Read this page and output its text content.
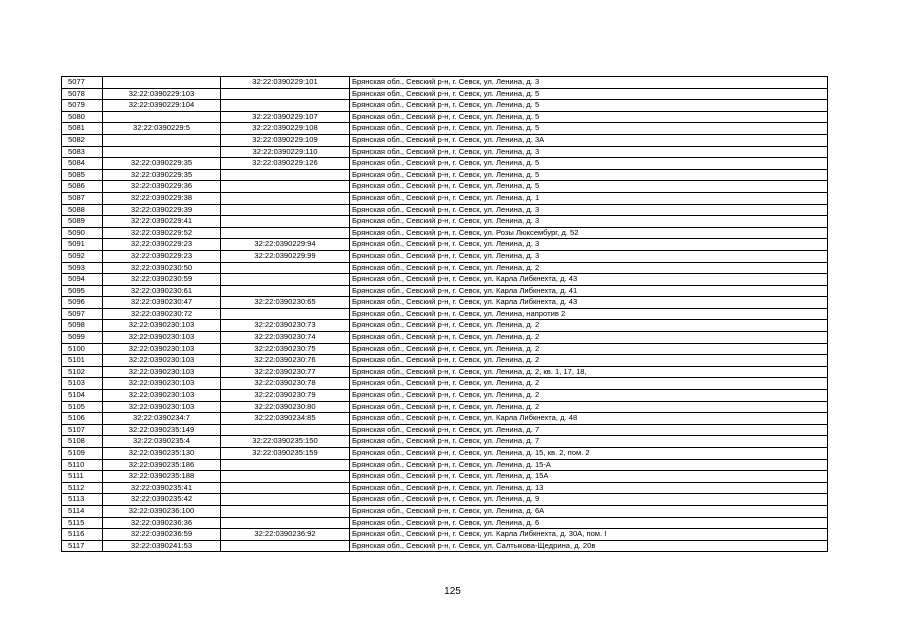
5077		32:22:0390229:101	Брянская обл., Севский р-н, г. Севск, ул. Ленина, д. 3
5078	32:22:0390229:103		Брянская обл., Севский р-н, г. Севск, ул. Ленина, д. 5
5079	32:22:0390229:104		Брянская обл., Севский р-н, г. Севск, ул. Ленина, д. 5
5080		32:22:0390229:107	Брянская обл., Севский р-н, г. Севск, ул. Ленина, д. 5
5081	32:22:0390229:5	32:22:0390229:108	Брянская обл., Севский р-н, г. Севск, ул. Ленина, д. 5
5082		32:22:0390229:109	Брянская обл., Севский р-н, г. Севск, ул. Ленина, д. 3А
5083		32:22:0390229:110	Брянская обл., Севский р-н, г. Севск, ул. Ленина, д. 3
5084	32:22:0390229:35	32:22:0390229:126	Брянская обл., Севский р-н, г. Севск, ул. Ленина, д. 5
5085	32:22:0390229:35		Брянская обл., Севский р-н, г. Севск, ул. Ленина, д. 5
5086	32:22:0390229:36		Брянская обл., Севский р-н, г. Севск, ул. Ленина, д. 5
5087	32:22:0390229:38		Брянская обл., Севский р-н, г. Севск, ул. Ленина, д. 1
5088	32:22:0390229:39		Брянская обл., Севский р-н, г. Севск, ул. Ленина, д. 3
5089	32:22:0390229:41		Брянская обл., Севский р-н, г. Севск, ул. Ленина, д. 3
5090	32:22:0390229:52		Брянская обл., Севский р-н, г. Севск, ул. Розы Люксембург, д. 52
5091	32:22:0390229:23	32:22:0390229:94	Брянская обл., Севский р-н, г. Севск, ул. Ленина, д. 3
5092	32:22:0390229:23	32:22:0390229:99	Брянская обл., Севский р-н, г. Севск, ул. Ленина, д. 3
5093	32:22:0390230:50		Брянская обл., Севский р-н, г. Севск, ул. Ленина, д. 2
5094	32:22:0390230:59		Брянская обл., Севский р-н, г. Севск, ул. Карла Либкнехта, д. 43
5095	32:22:0390230:61		Брянская обл., Севский р-н, г. Севск, ул. Карла Либкнехта, д. 41
5096	32:22:0390230:47	32:22:0390230:65	Брянская обл., Севский р-н, г. Севск, ул. Карла Либкнехта, д. 43
5097	32:22:0390230:72		Брянская обл., Севский р-н, г. Севск, ул. Ленина, напротив 2
5098	32:22:0390230:103	32:22:0390230:73	Брянская обл., Севский р-н, г. Севск, ул. Ленина, д. 2
5099	32:22:0390230:103	32:22:0390230:74	Брянская обл., Севский р-н, г. Севск, ул. Ленина, д. 2
5100	32:22:0390230:103	32:22:0390230:75	Брянская обл., Севский р-н, г. Севск, ул. Ленина, д. 2
5101	32:22:0390230:103	32:22:0390230:76	Брянская обл., Севский р-н, г. Севск, ул. Ленина, д. 2
5102	32:22:0390230:103	32:22:0390230:77	Брянская обл., Севский р-н, г. Севск, ул. Ленина, д. 2, кв. 1, 17, 18,
5103	32:22:0390230:103	32:22:0390230:78	Брянская обл., Севский р-н, г. Севск, ул. Ленина, д. 2
5104	32:22:0390230:103	32:22:0390230:79	Брянская обл., Севский р-н, г. Севск, ул. Ленина, д. 2
5105	32:22:0390230:103	32:22:0390230:80	Брянская обл., Севский р-н, г. Севск, ул. Ленина, д. 2
5106	32:22:0390234:7	32:22:0390234:85	Брянская обл., Севский р-н, г. Севск, ул. Карла Либкнехта, д. 48
5107	32:22:0390235:149		Брянская обл., Севский р-н, г. Севск, ул. Ленина, д. 7
5108	32:22:0390235:4	32:22:0390235:150	Брянская обл., Севский р-н, г. Севск, ул. Ленина, д. 7
5109	32:22:0390235:130	32:22:0390235:159	Брянская обл., Севский р-н, г. Севск, ул. Ленина, д. 15, кв. 2, пом. 2
5110	32:22:0390235:186		Брянская обл., Севский р-н, г. Севск, ул. Ленина, д. 15-А
5111	32:22:0390235:188		Брянская обл., Севский р-н, г. Севск, ул. Ленина, д. 15А
5112	32:22:0390235:41		Брянская обл., Севский р-н, г. Севск, ул. Ленина, д. 13
5113	32:22:0390235:42		Брянская обл., Севский р-н, г. Севск, ул. Ленина, д. 9
5114	32:22:0390236:100		Брянская обл., Севский р-н, г. Севск, ул. Ленина, д. 6А
5115	32:22:0390236:36		Брянская обл., Севский р-н, г. Севск, ул. Ленина, д. 6
5116	32:22:0390236:59	32:22:0390236:92	Брянская обл., Севский р-н, г. Севск, ул. Карла Либкнехта, д. 30А, пом. I
5117	32:22:0390241:53		Брянская обл., Севский р-н, г. Севск, ул. Салтыкова-Щедрина, д. 20в
125
